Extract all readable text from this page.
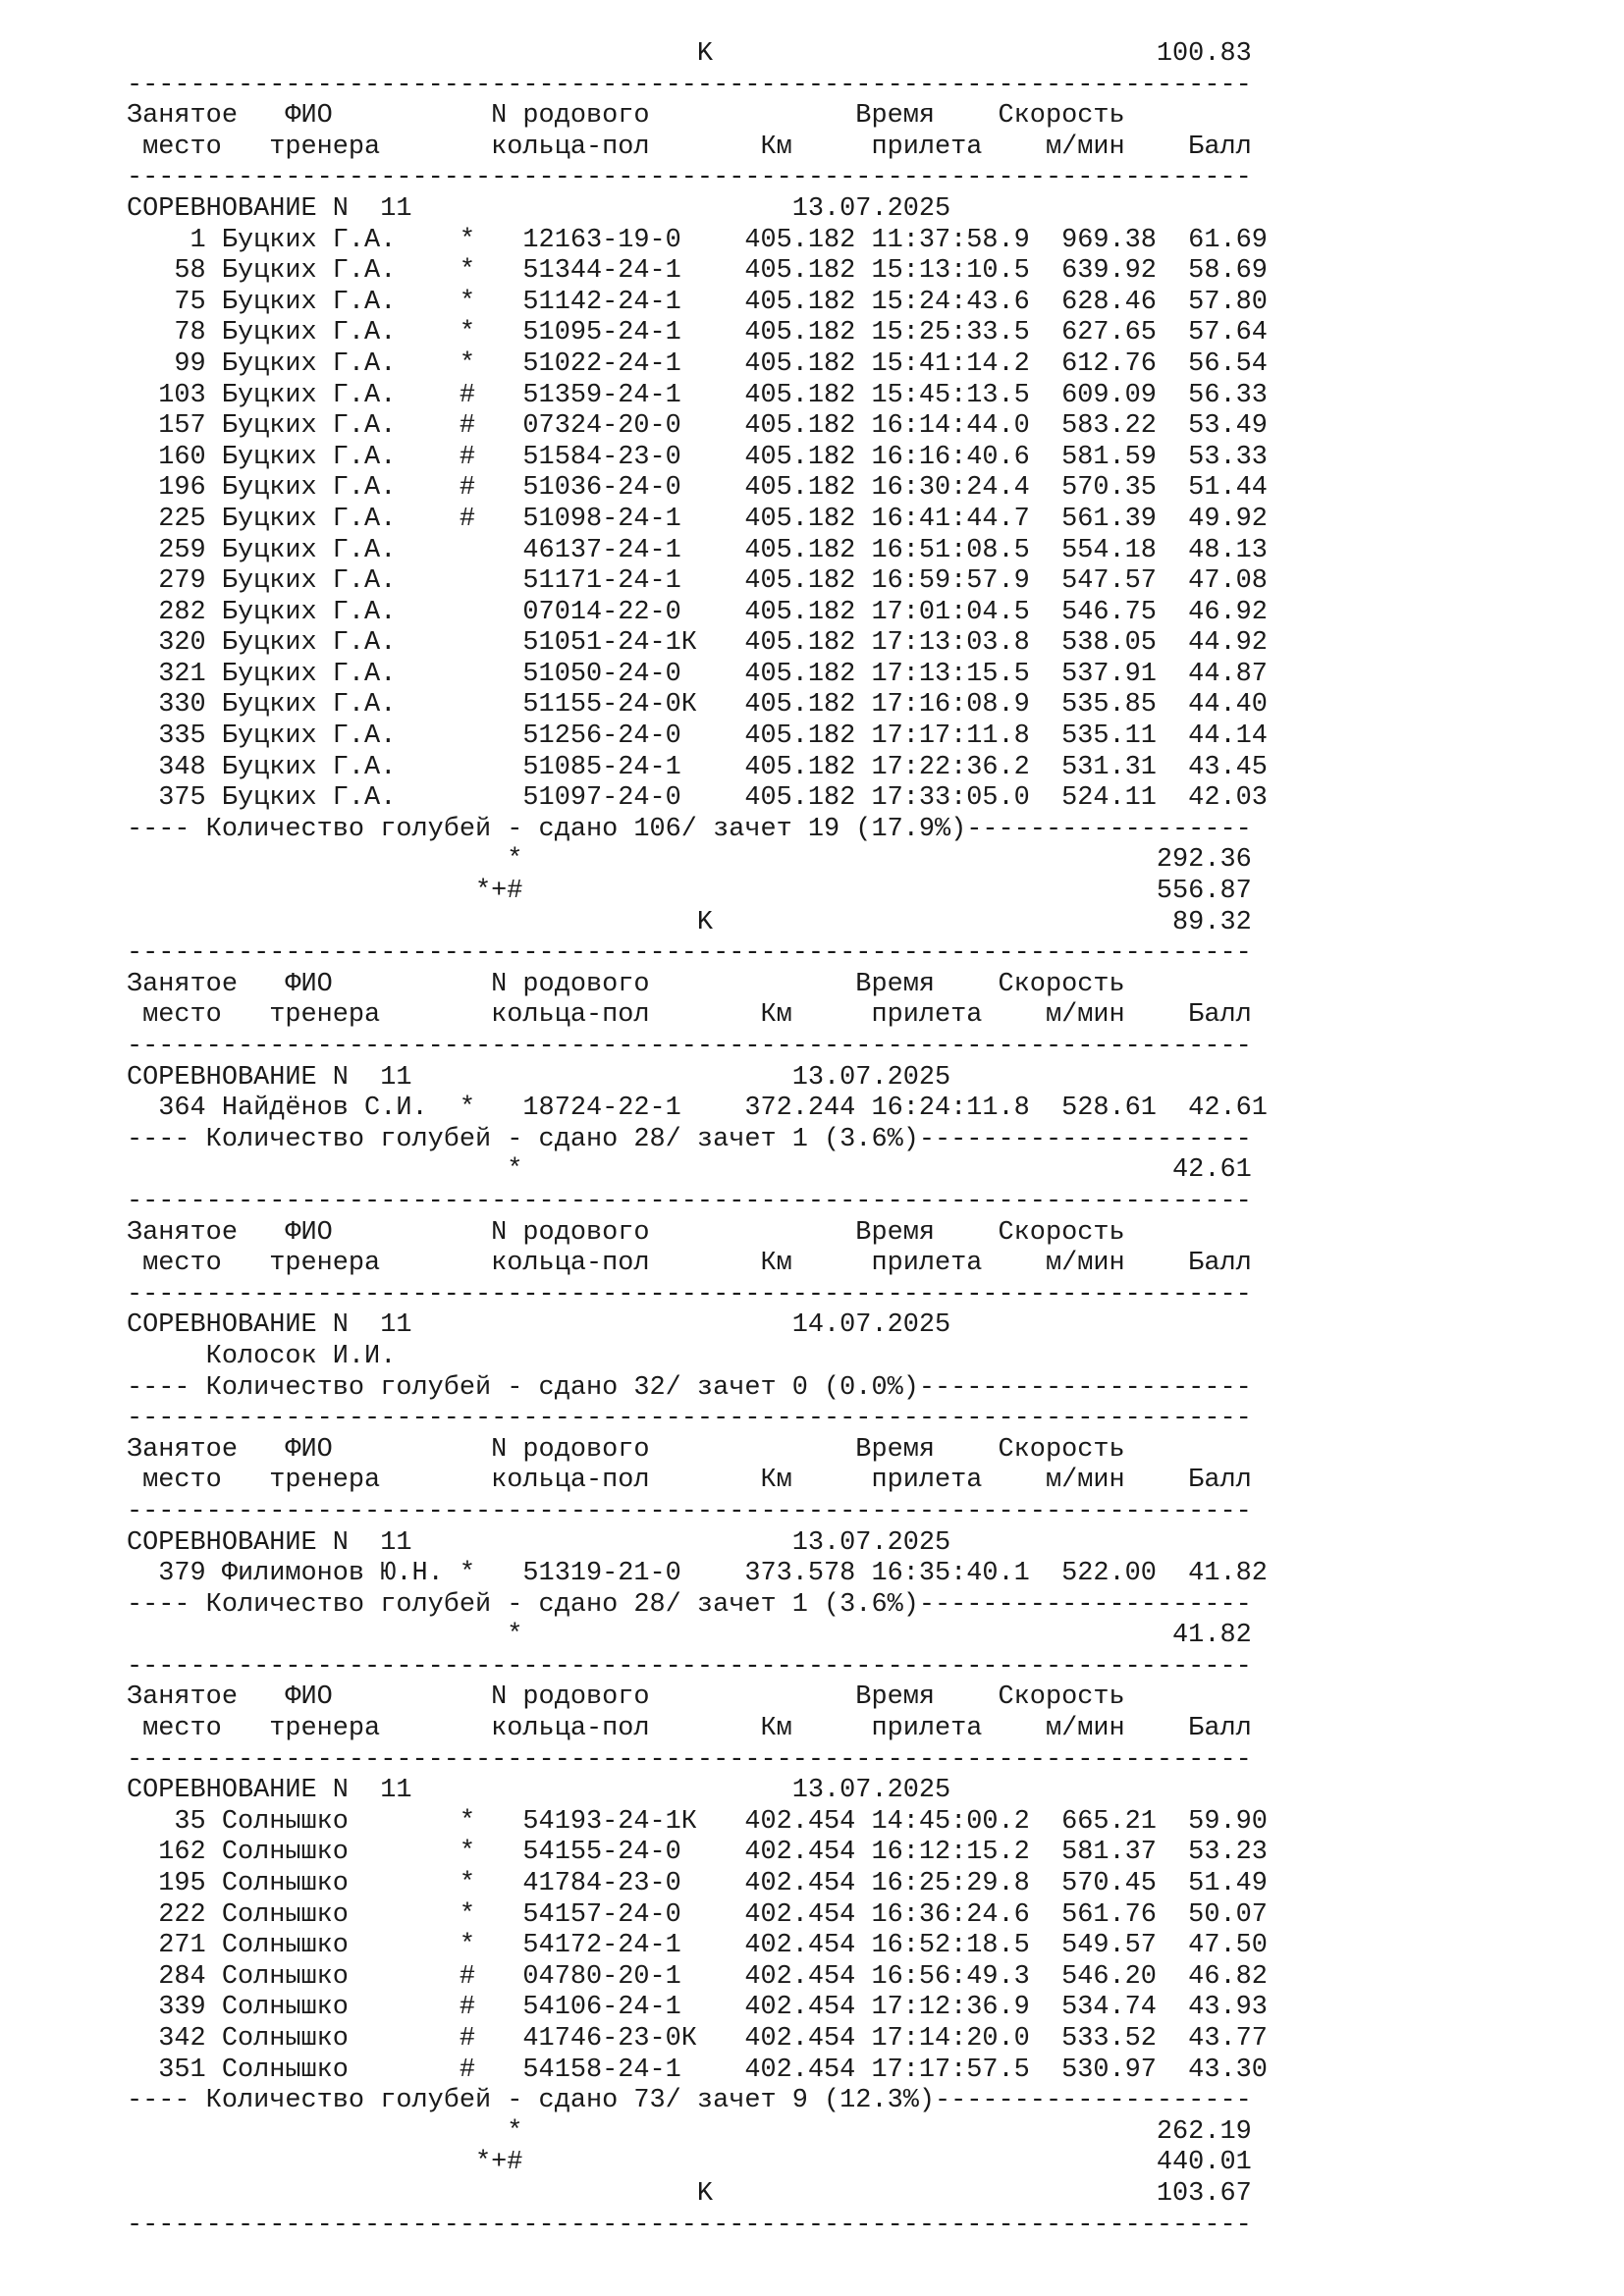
K                            100.83
-----------------------------------------------------------------------
Занятое   ФИО          N родового             Время    Скорость
место   тренера       кольца-пол       Км     прилета    м/мин    Балл
-----------------------------------------------------------------------
СОРЕВНОВАНИЕ N  11                        13.07.2025
1 Буцких Г.А.    *   12163-19-0    405.182 11:37:58.9  969.38  61.69
58 Буцких Г.А.    *   51344-24-1    405.182 15:13:10.5  639.92  58.69
75 Буцких Г.А.    *   51142-24-1    405.182 15:24:43.6  628.46  57.80
78 Буцких Г.А.    *   51095-24-1    405.182 15:25:33.5  627.65  57.64
99 Буцких Г.А.    *   51022-24-1    405.182 15:41:14.2  612.76  56.54
103 Буцких Г.А.    #   51359-24-1    405.182 15:45:13.5  609.09  56.33
157 Буцких Г.А.    #   07324-20-0    405.182 16:14:44.0  583.22  53.49
160 Буцких Г.А.    #   51584-23-0    405.182 16:16:40.6  581.59  53.33
196 Буцких Г.А.    #   51036-24-0    405.182 16:30:24.4  570.35  51.44
225 Буцких Г.А.    #   51098-24-1    405.182 16:41:44.7  561.39  49.92
259 Буцких Г.А.        46137-24-1    405.182 16:51:08.5  554.18  48.13
279 Буцких Г.А.        51171-24-1    405.182 16:59:57.9  547.57  47.08
282 Буцких Г.А.        07014-22-0    405.182 17:01:04.5  546.75  46.92
320 Буцких Г.А.        51051-24-1К   405.182 17:13:03.8  538.05  44.92
321 Буцких Г.А.        51050-24-0    405.182 17:13:15.5  537.91  44.87
330 Буцких Г.А.        51155-24-0К   405.182 17:16:08.9  535.85  44.40
335 Буцких Г.А.        51256-24-0    405.182 17:17:11.8  535.11  44.14
348 Буцких Г.А.        51085-24-1    405.182 17:22:36.2  531.31  43.45
375 Буцких Г.А.        51097-24-0    405.182 17:33:05.0  524.11  42.03
---- Количество голубей - сдано 106/ зачет 19 (17.9%)------------------
*                                        292.36
*+#                                        556.87
K                             89.32
-----------------------------------------------------------------------
Занятое   ФИО          N родового             Время    Скорость
место   тренера       кольца-пол       Км     прилета    м/мин    Балл
-----------------------------------------------------------------------
СОРЕВНОВАНИЕ N  11                        13.07.2025
364 Найдёнов С.И.  *   18724-22-1    372.244 16:24:11.8  528.61  42.61
---- Количество голубей - сдано 28/ зачет 1 (3.6%)---------------------
*                                         42.61
-----------------------------------------------------------------------
Занятое   ФИО          N родового             Время    Скорость
место   тренера       кольца-пол       Км     прилета    м/мин    Балл
-----------------------------------------------------------------------
СОРЕВНОВАНИЕ N  11                        14.07.2025
Колосок И.И.
---- Количество голубей - сдано 32/ зачет 0 (0.0%)---------------------
-----------------------------------------------------------------------
Занятое   ФИО          N родового             Время    Скорость
место   тренера       кольца-пол       Км     прилета    м/мин    Балл
-----------------------------------------------------------------------
СОРЕВНОВАНИЕ N  11                        13.07.2025
379 Филимонов Ю.Н. *   51319-21-0    373.578 16:35:40.1  522.00  41.82
---- Количество голубей - сдано 28/ зачет 1 (3.6%)---------------------
*                                         41.82
-----------------------------------------------------------------------
Занятое   ФИО          N родового             Время    Скорость
место   тренера       кольца-пол       Км     прилета    м/мин    Балл
-----------------------------------------------------------------------
СОРЕВНОВАНИЕ N  11                        13.07.2025
35 Солнышко       *   54193-24-1К   402.454 14:45:00.2  665.21  59.90
162 Солнышко       *   54155-24-0    402.454 16:12:15.2  581.37  53.23
195 Солнышко       *   41784-23-0    402.454 16:25:29.8  570.45  51.49
222 Солнышко       *   54157-24-0    402.454 16:36:24.6  561.76  50.07
271 Солнышко       *   54172-24-1    402.454 16:52:18.5  549.57  47.50
284 Солнышко       #   04780-20-1    402.454 16:56:49.3  546.20  46.82
339 Солнышко       #   54106-24-1    402.454 17:12:36.9  534.74  43.93
342 Солнышко       #   41746-23-0К   402.454 17:14:20.0  533.52  43.77
351 Солнышко       #   54158-24-1    402.454 17:17:57.5  530.97  43.30
---- Количество голубей - сдано 73/ зачет 9 (12.3%)--------------------
*                                        262.19
*+#                                        440.01
K                            103.67
-----------------------------------------------------------------------
